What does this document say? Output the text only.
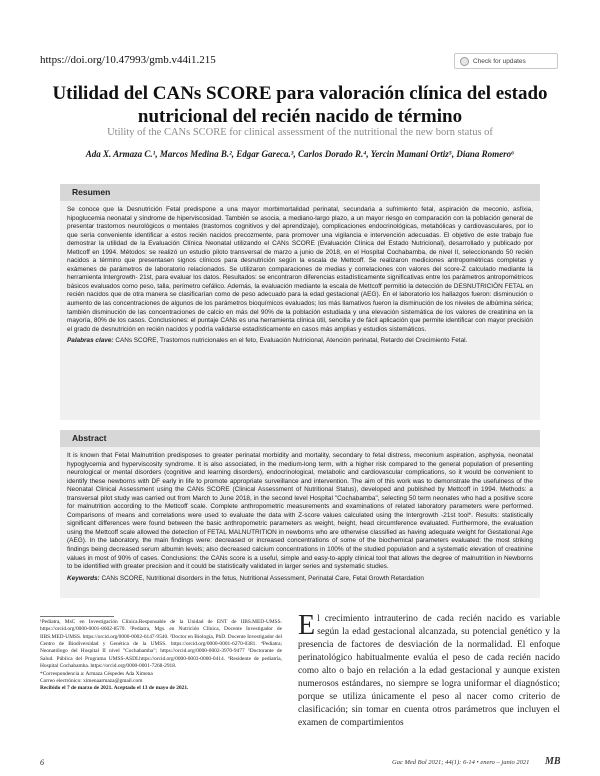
https://doi.org/10.47993/gmb.v44i1.215	Check for updates
Utilidad del CANs SCORE para valoración clínica del estado nutricional del recién nacido de término
Utility of the CANs SCORE for clinical assessment of the nutritional the new born status of
Ada X. Armaza C.¹, Marcos Medina B.², Edgar Gareca.³, Carlos Dorado R.⁴, Yercin Mamani Ortiz⁵, Diana Romero⁶
Resumen
Se conoce que la Desnutrición Fetal predispone a una mayor morbimortalidad perinatal, secundaria a sufrimiento fetal, aspiración de meconio, asfixia, hipoglucemia neonatal y síndrome de hiperviscosidad. También se asocia, a mediano-largo plazo, a un mayor riesgo en comparación con la población general de presentar trastornos neurológicos o mentales (trastornos cognitivos y del aprendizaje), complicaciones endocrinológicas, metabólicas y cardiovasculares, por lo que sería conveniente identificar a estos recién nacidos precozmente, para promover una vigilancia e intervención adecuadas. El objetivo de este trabajo fue demostrar la utilidad de la Evaluación Clínica Neonatal utilizando el CANs SCORE (Evaluación Clínica del Estado Nutricional), desarrollado y publicado por Mettcoff en 1994. Métodos: se realizó un estudio piloto transversal de marzo a junio de 2018, en el Hospital Cochabamba, de nivel II, seleccionando 50 recién nacidos a término que presentasen signos clínicos para desnutrición según la escala de Mettcoff. Se realizaron mediciones antropométricas completas y exámenes de parámetros de laboratorio relacionados. Se utilizaron comparaciones de medias y correlaciones con valores del score-Z calculado mediante la herramienta Intergrowth- 21st, para evaluar los datos. Resultados: se encontraron diferencias estadísticamente significativas entre los parámetros antropométricos básicos evaluados como peso, talla, perímetro cefálico. Además, la evaluación mediante la escala de Mettcoff permitió la detección de DESNUTRICIÓN FETAL en recién nacidos que de otra manera se clasificarían como de peso adecuado para la edad gestacional (AEG). En el laboratorio los hallazgos fueron: disminución o aumento de las concentraciones de algunos de los parámetros bioquímicos evaluados; los más llamativos fueron la disminución de los niveles de albúmina sérica; también disminución de las concentraciones de calcio en más del 90% de la población estudiada y una elevación sistemática de los valores de creatinina en la mayoría, 80% de los casos. Conclusiones: el puntaje CANs es una herramienta clínica útil, sencilla y de fácil aplicación que permite identificar con mayor precisión el grado de desnutrición en recién nacidos y podría validarse estadísticamente en casos más amplias y estudios sistemáticos.
Palabras clave: CANs SCORE, Trastornos nutricionales en el feto, Evaluación Nutricional, Atención perinatal, Retardo del Crecimiento Fetal.
Abstract
It is known that Fetal Malnutrition predisposes to greater perinatal morbidity and mortality, secondary to fetal distress, meconium aspiration, asphyxia, neonatal hypoglycemia and hyperviscosity syndrome. It is also associated, in the medium-long term, with a higher risk compared to the general population of presenting neurological or mental disorders (cognitive and learning disorders), endocrinological, metabolic and cardiovascular complications, so it would be convenient to identify these newborns with DF early in life to promote appropriate surveillance and intervention. The aim of this work was to demonstrate the usefulness of the Neonatal Clinical Assessment using the CANs SCORE (Clinical Assessment of Nutritional Status), developed and published by Mettcoff in 1994. Methods: a transversal pilot study was carried out from March to June 2018, in the second level Hospital "Cochabamba", selecting 50 term neonates who had a positive score for malnutrition according to the Mettcoff scale. Complete anthropometric measurements and examinations of related laboratory parameters were performed. Comparisons of means and correlations were used to evaluate the data with Z-score values calculated using the Intergrowth -21st tool*. Results: statistically significant differences were found between the basic anthropometric parameters as weight, height, head circumference evaluated. Furthermore, the evaluation using the Mettcoff scale allowed the detection of FETAL MALNUTRITION in newborns who are otherwise classified as having adequate weight for Gestational Age (AEG). In the laboratory, the main findings were: decreased or increased concentrations of some of the biochemical parameters evaluated: the most striking findings being decreased serum albumin levels; also decreased calcium concentrations in 100% of the studied population and a systematic elevation of creatinine values in most of 90% of cases. Conclusions: the CANs score is a useful, simple and easy-to-apply clinical tool that allows the degree of malnutrition in Newborns to be identified with greater precision and it could be statistically validated in larger series and systematic studies.
Keywords: CANs SCORE, Nutritional disorders in the fetus, Nutritional Assessment, Perinatal Care, Fetal Growth Retardation

¹Pediatra, MsC en Investigación Clínica.Responsable de la Unidad de ENT de IIBS.MED-UMSS. https://orcid.org/0000-0001-8602-8570. ²Pediatra, Mgs. en Nutrición Clínica, Docente Investigador de IIBS.MED-UMSS. https://orcid.org/0000-0002-6147-9540. ³Doctor en Biología, PhD. Docente Investigador del Centro de Biodiversidad y Genética de la UMSS. https://orcid.org/0000-0001-6270-0381. ⁴Pediatra; Neonatólogo del Hospital II nivel "Cochabamba"; https://orcid.org/0000-0002-3970-9477 ⁵Doctorante de Salud. Pública del Programa UMSS-ASDI.https://orcid.org/0000-0003-0000-0414. ⁶Residente de pediatría, Hospital Cochabamba. https://orcid.org/0000-0001-7268-2918.

*Correspondencia a: Armaza Céspedes Ada Ximena

Correo electrónico: ximenaarmaza@gmail.com

Recibido el 7 de marzo de 2021. Aceptado el 13 de mayo de 2021.

El crecimiento intrauterino de cada recién nacido es variable según la edad gestacional alcanzada, su potencial genético y la presencia de factores de desviación de la normalidad. El enfoque perinatológico habitualmente evalúa el peso de cada recién nacido como alto o bajo en relación a la edad gestacional y aunque existen numerosos estándares, no siempre se logra uniformar el diagnóstico; porque se utiliza únicamente el peso al nacer como criterio de clasificación; sin tomar en cuenta otros parámetros que incluyen el examen de compartimientos
6	Gac Med Bol 2021; 44(1): 6-14 • enero – junio 2021 MB
